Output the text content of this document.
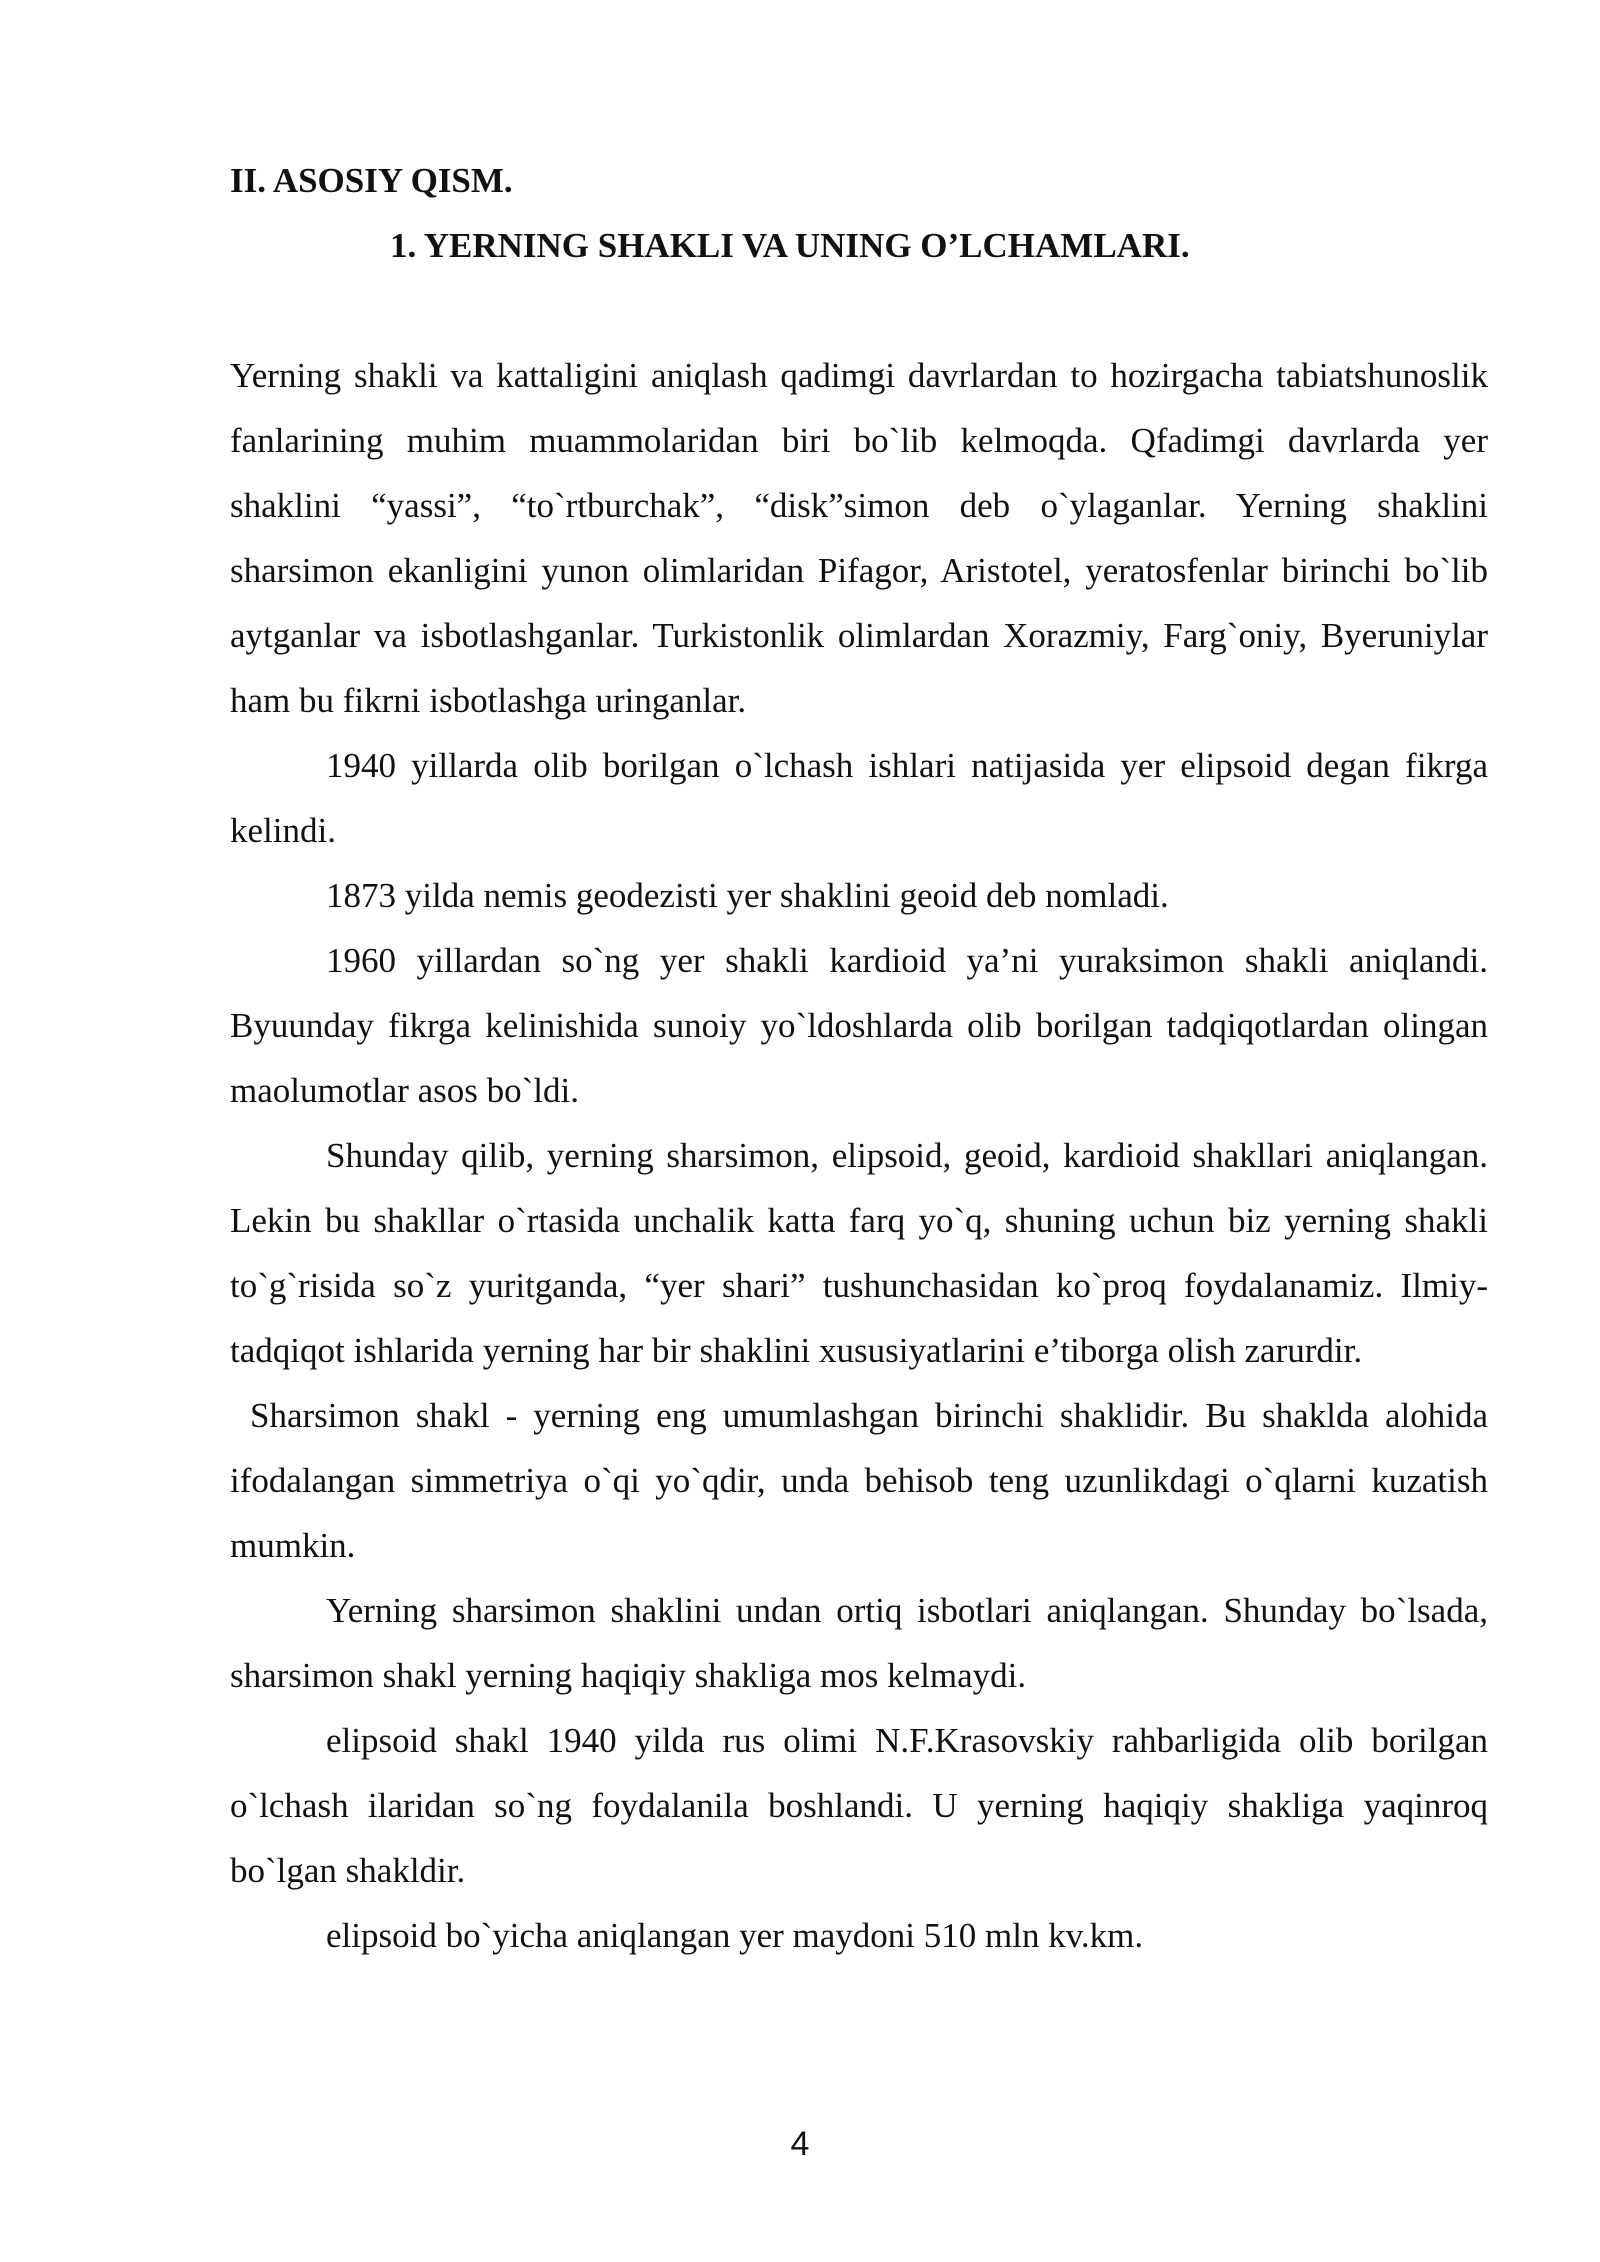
II. ASOSIY QISM.

1. YERNING SHAKLI VA UNING O’LCHAMLARI.

Yerning shakli va kattaligini aniqlash qadimgi davrlardan to hozirgacha tabiatshunoslik fanlarining muhim muammolaridan biri bo`lib kelmoqda. Qfadimgi davrlarda yer shaklini “yassi”, “to`rtburchak”, “disk”simon deb o`ylaganlar. Yerning shaklini sharsimon ekanligini yunon olimlaridan Pifagor, Aristotel, yeratosfenlar birinchi bo`lib aytganlar va isbotlashganlar. Turkistonlik olimlardan Xorazmiy, Farg`oniy, Byeruniylar ham bu fikrni isbotlashga uringanlar.

1940 yillarda olib borilgan o`lchash ishlari natijasida yer elipsoid degan fikrga kelindi.

1873 yilda nemis geodezisti yer shaklini geoid deb nomladi.

1960 yillardan so`ng yer shakli kardioid ya’ni yuraksimon shakli aniqlandi. Byuunday fikrga kelinishida sunoiy yo`ldoshlarda olib borilgan tadqiqotlardan olingan maolumotlar asos bo`ldi.

Shunday qilib, yerning sharsimon, elipsoid, geoid, kardioid shakllari aniqlangan. Lekin bu shakllar o`rtasida unchalik katta farq yo`q, shuning uchun biz yerning shakli to`g`risida so`z yuritganda, “yer shari” tushunchasidan ko`proq foydalanamiz. Ilmiy-tadqiqot ishlarida yerning har bir shaklini xususiyatlarini e’tiborga olish zarurdir.

Sharsimon shakl - yerning eng umumlashgan birinchi shaklidir. Bu shaklda alohida ifodalangan simmetriya o`qi yo`qdir, unda behisob teng uzunlikdagi o`qlarni kuzatish mumkin.

Yerning sharsimon shaklini undan ortiq isbotlari aniqlangan. Shunday bo`lsada, sharsimon shakl yerning haqiqiy shakliga mos kelmaydi.

elipsoid shakl 1940 yilda rus olimi N.F.Krasovskiy rahbarligida olib borilgan o`lchash ilaridan so`ng foydalanila boshlandi. U yerning haqiqiy shakliga yaqinroq bo`lgan shakldir.

elipsoid bo`yicha aniqlangan yer maydoni 510 mln kv.km.

4
